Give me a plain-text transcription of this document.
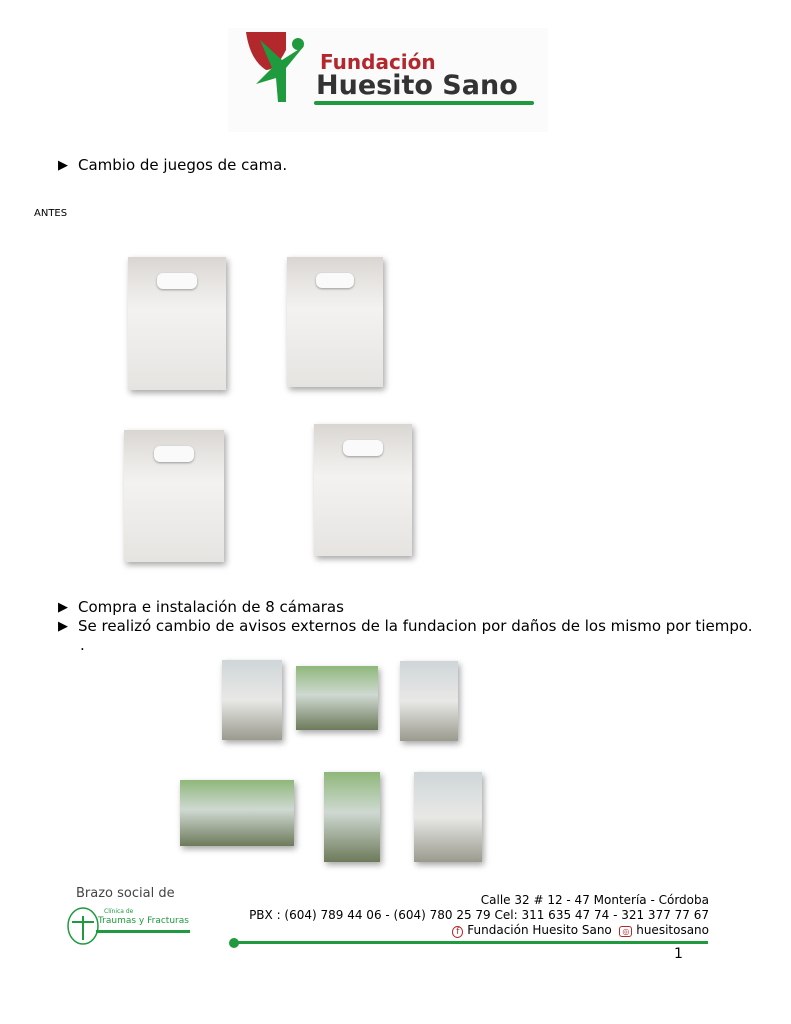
Fundación
Huesito Sano
▶ Cambio de juegos de cama.
ANTES
▶ Compra e instalación de 8 cámaras
▶ Se realizó cambio de avisos externos de la fundacion por daños de los mismo por tiempo.
.
Brazo social de
Clínica de
Traumas y Fracturas
Calle 32 # 12 - 47 Montería - Córdoba
PBX : (604) 789 44 06 - (604) 780 25 79 Cel: 311 635 47 74 - 321 377 77 67
f Fundación Huesito Sano ◎ huesitosano
1
